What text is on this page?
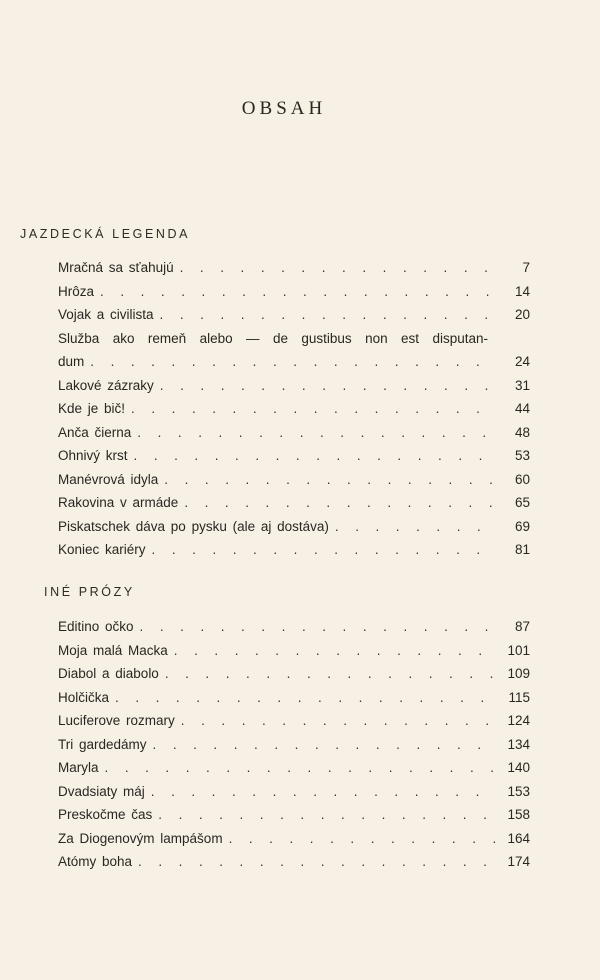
OBSAH
JAZDECKÁ LEGENDA
Mračná sa sťahujú . . .	7
Hrôza . . .	14
Vojak a civilista . . .	20
Služba ako remeň alebo — de gustibus non est disputan-
dum . . .	24
Lakové zázraky . . .	31
Kde je bič! . . .	44
Anča čierna . . .	48
Ohnivý krst . . .	53
Manévrová idyla . . .	60
Rakovina v armáde . . .	65
Piskatschek dáva po pysku (ale aj dostáva) . . .	69
Koniec kariéry . . .	81
INÉ PRÓZY
Editino očko . . .	87
Moja malá Macka . . .	101
Diabol a diabolo . . .	109
Holčička . . .	115
Luciferove rozmary . . .	124
Tri gardedámy . . .	134
Maryla . . .	140
Dvadsiaty máj . . .	153
Preskočme čas . . .	158
Za Diogenovým lampášom . . .	164
Atómy boha . . .	174
